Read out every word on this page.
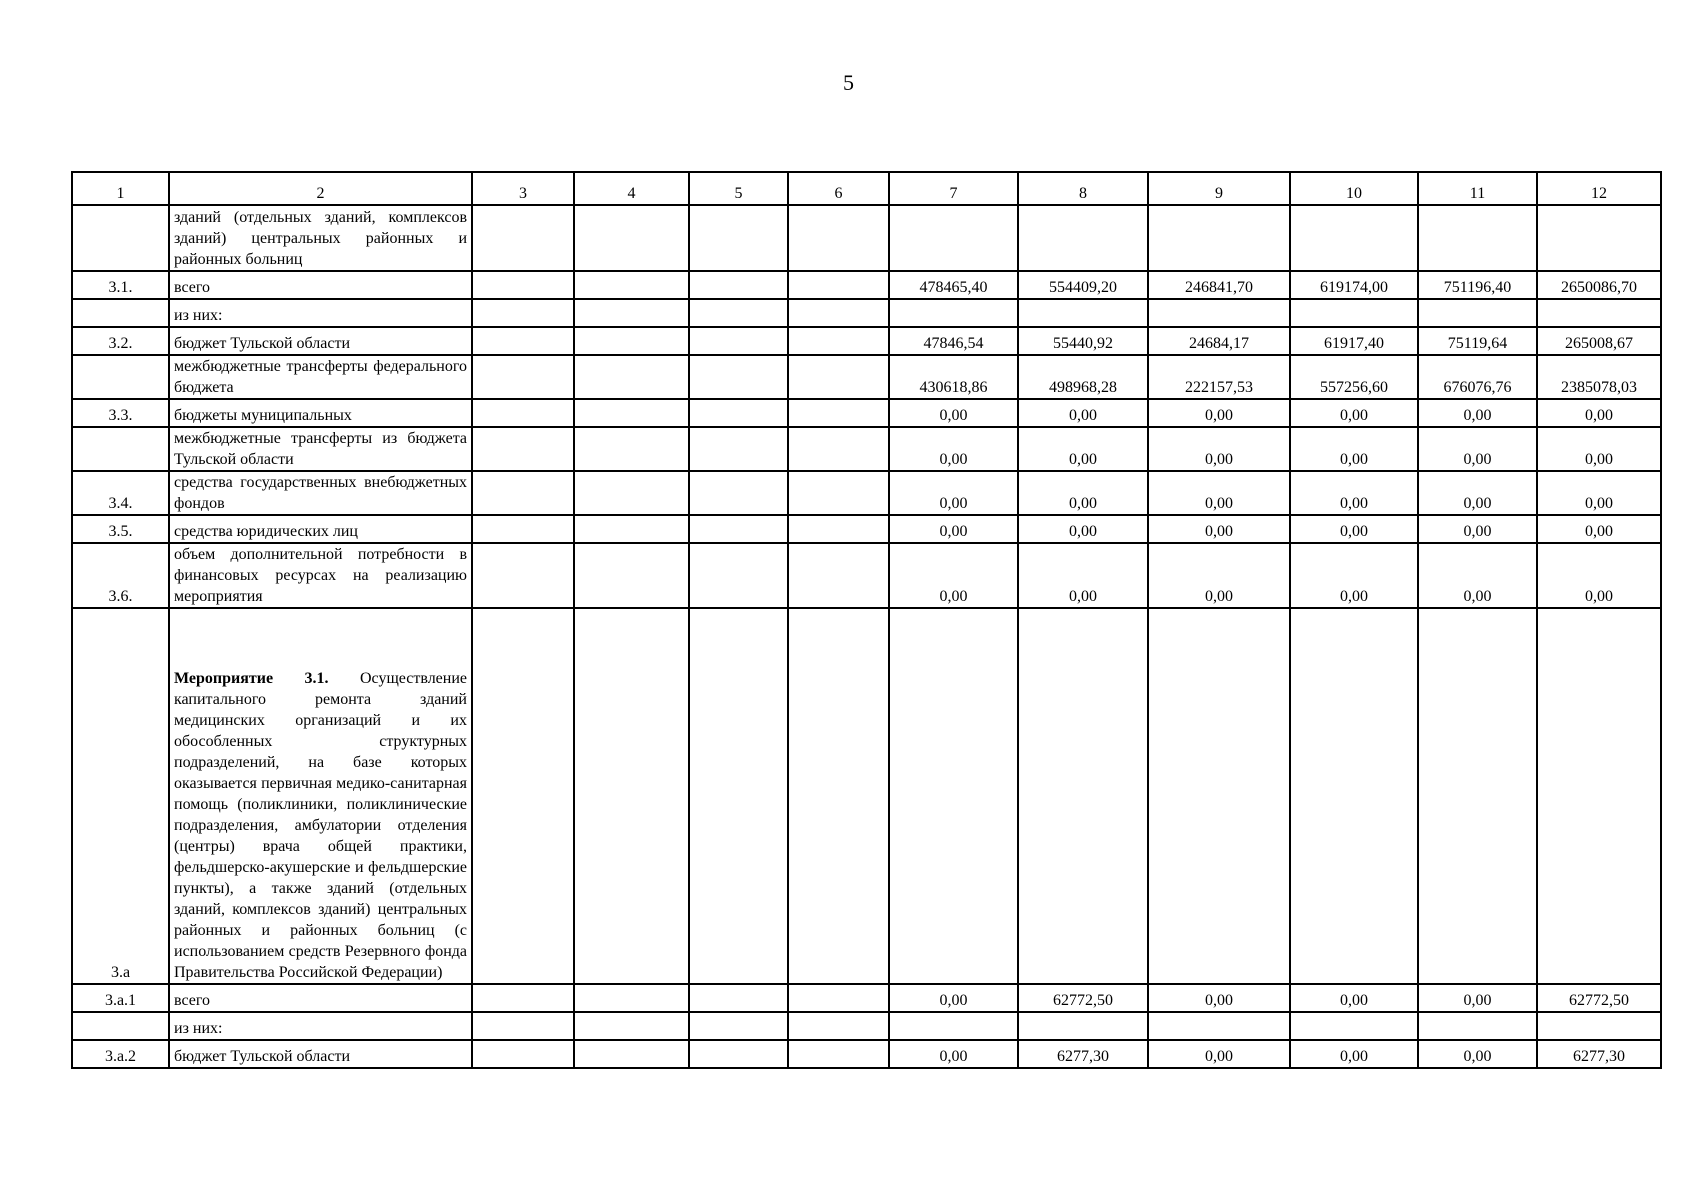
5
1	2	3	4	5	6	7	8	9	10	11	12
	зданий (отдельных зданий, комплексов зданий) центральных районных и районных больниц										
3.1.	всего					478465,40	554409,20	246841,70	619174,00	751196,40	2650086,70
	из них:										
3.2.	бюджет Тульской области					47846,54	55440,92	24684,17	61917,40	75119,64	265008,67
	межбюджетные трансферты федерального бюджета					430618,86	498968,28	222157,53	557256,60	676076,76	2385078,03
3.3.	бюджеты муниципальных					0,00	0,00	0,00	0,00	0,00	0,00
	межбюджетные трансферты из бюджета Тульской области					0,00	0,00	0,00	0,00	0,00	0,00
3.4.	средства государственных внебюджетных фондов					0,00	0,00	0,00	0,00	0,00	0,00
3.5.	средства юридических лиц					0,00	0,00	0,00	0,00	0,00	0,00
3.6.	объем дополнительной потребности в финансовых ресурсах на реализацию мероприятия					0,00	0,00	0,00	0,00	0,00	0,00
3.а	Мероприятие 3.1. Осуществление капитального ремонта зданий медицинских организаций и их обособленных структурных подразделений, на базе которых оказывается первичная медико-санитарная помощь (поликлиники, поликлинические подразделения, амбулатории отделения (центры) врача общей практики, фельдшерско-акушерские и фельдшерские пункты), а также зданий (отдельных зданий, комплексов зданий) центральных районных и районных больниц (с использованием средств Резервного фонда Правительства Российской Федерации)										
3.а.1	всего					0,00	62772,50	0,00	0,00	0,00	62772,50
	из них:										
3.а.2	бюджет Тульской области					0,00	6277,30	0,00	0,00	0,00	6277,30
